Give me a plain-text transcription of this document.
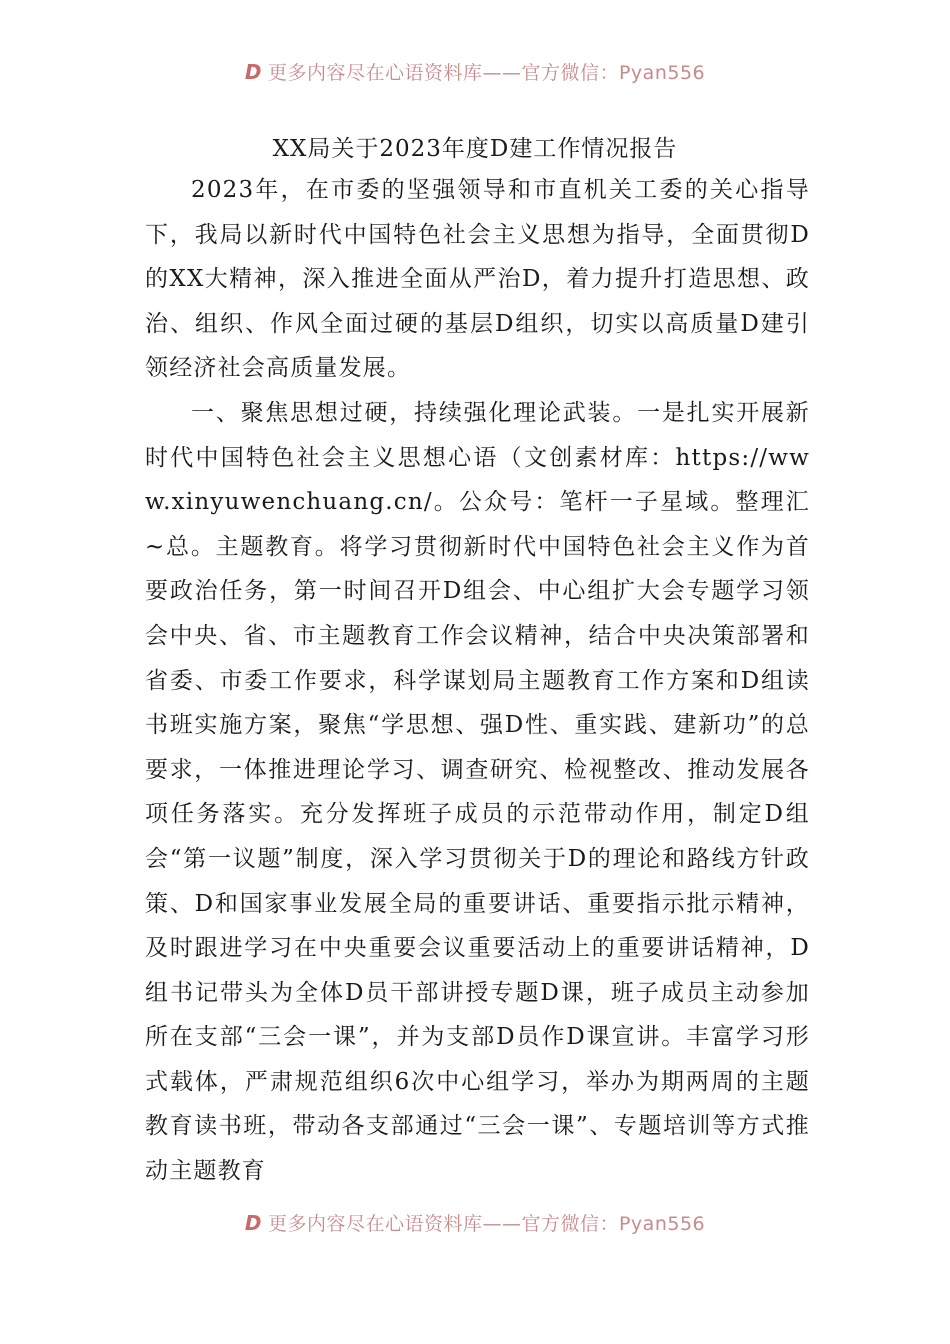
D 更多内容尽在心语资料库——官方微信：Pyan556
XX局关于2023年度D建工作情况报告

2023年，在市委的坚强领导和市直机关工委的关心指导下，我局以新时代中国特色社会主义思想为指导，全面贯彻D的XX大精神，深入推进全面从严治D，着力提升打造思想、政治、组织、作风全面过硬的基层D组织，切实以高质量D建引领经济社会高质量发展。

一、聚焦思想过硬，持续强化理论武装。一是扎实开展新时代中国特色社会主义思想心语（文创素材库：https://www.xinyuwenchuang.cn/。公众号：笔杆一子星域。整理汇~总。主题教育。将学习贯彻新时代中国特色社会主义作为首要政治任务，第一时间召开D组会、中心组扩大会专题学习领会中央、省、市主题教育工作会议精神，结合中央决策部署和省委、市委工作要求，科学谋划局主题教育工作方案和D组读书班实施方案，聚焦“学思想、强D性、重实践、建新功”的总要求，一体推进理论学习、调查研究、检视整改、推动发展各项任务落实。充分发挥班子成员的示范带动作用，制定D组会“第一议题”制度，深入学习贯彻关于D的理论和路线方针政策、D和国家事业发展全局的重要讲话、重要指示批示精神，及时跟进学习在中央重要会议重要活动上的重要讲话精神，D组书记带头为全体D员干部讲授专题D课，班子成员主动参加所在支部“三会一课”，并为支部D员作D课宣讲。丰富学习形式载体，严肃规范组织6次中心组学习，举办为期两周的主题教育读书班，带动各支部通过“三会一课”、专题培训等方式推动主题教育

D 更多内容尽在心语资料库——官方微信：Pyan556
